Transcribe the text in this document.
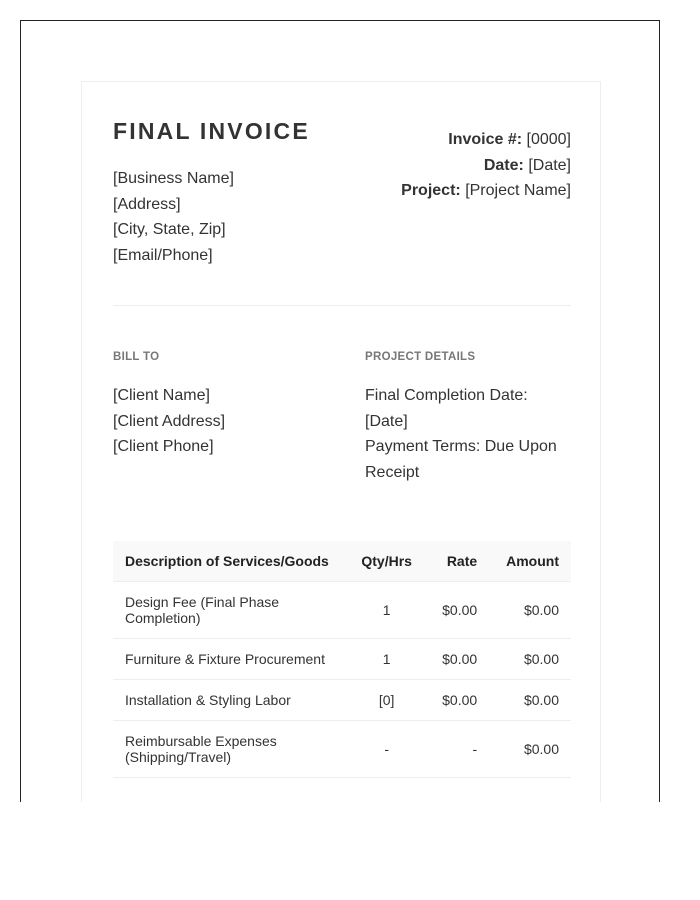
FINAL INVOICE
[Business Name]
[Address]
[City, State, Zip]
[Email/Phone]
Invoice #: [0000]
Date: [Date]
Project: [Project Name]
BILL TO	PROJECT DETAILS
[Client Name]
[Client Address]
[Client Phone]
Final Completion Date:
[Date]
Payment Terms: Due Upon
Receipt
Description of Services/Goods	Qty/Hrs	Rate	Amount

Design Fee (Final Phase
Completion)	1	$0.00	$0.00

Furniture & Fixture Procurement	1	$0.00	$0.00

Installation & Styling Labor	[0]	$0.00	$0.00

Reimbursable Expenses
(Shipping/Travel)	-	-	$0.00
